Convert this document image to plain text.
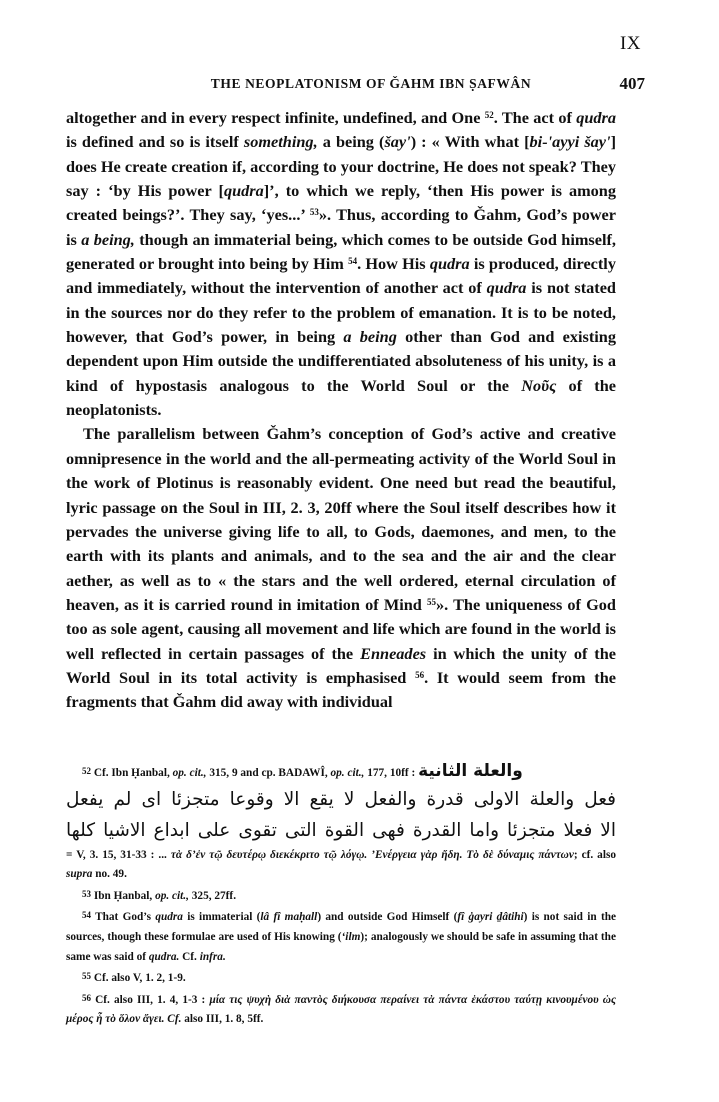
IX
THE NEOPLATONISM OF ǦAHM IBN ṢAFWÂN	407

altogether and in every respect infinite, undefined, and One $^{52}$. The act of qudra is defined and so is itself something, a being (šay') : « With what [bi-'ayyi šay'] does He create creation if, according to your doctrine, He does not speak? They say : ‘by His power [qudra]’, to which we reply, ‘then His power is among created beings?’. They say, ‘yes...’ $^{53}$». Thus, according to Ǧahm, God’s power is a being, though an immaterial being, which comes to be outside God himself, generated or brought into being by Him $^{54}$. How His qudra is produced, directly and immediately, without the intervention of another act of qudra is not stated in the sources nor do they refer to the problem of emanation. It is to be noted, however, that God’s power, in being a being other than God and existing dependent upon Him outside the undifferentiated absoluteness of his unity, is a kind of hypostasis analogous to the World Soul or the Νοῦς of the neoplatonists.

The parallelism between Ǧahm’s conception of God’s active and creative omnipresence in the world and the all-permeating activity of the World Soul in the work of Plotinus is reasonably evident. One need but read the beautiful, lyric passage on the Soul in III, 2. 3, 20ff where the Soul itself describes how it pervades the universe giving life to all, to Gods, daemones, and men, to the earth with its plants and animals, and to the sea and the air and the clear aether, as well as to « the stars and the well ordered, eternal circulation of heaven, as it is carried round in imitation of Mind $^{55}$». The uniqueness of God too as sole agent, causing all movement and life which are found in the world is well reflected in certain passages of the Enneades in which the unity of the World Soul in its total activity is emphasised $^{56}$. It would seem from the fragments that Ǧahm did away with individual

52 Cf. Ibn Ḥanbal, op. cit., 315, 9 and cp. BADAWÎ, op. cit., 177, 10ff : والعلة الثانية

فعل والعلة الاولى قدرة والفعل لا يقع الا وقوعا متجزئا اى لم يفعل
الا فعلا متجزئا واما القدرة فهى القوة التى تقوى على ابداع الاشيا كلها

= V, 3. 15, 31-33 : ... τὰ δ’ἐν τῷ δευτέρῳ διεκέκριτο τῷ λόγῳ. ’Ενέργεια γὰρ ἤδη. Τὸ δὲ δύναμις πάντων; cf. also supra no. 49.

53 Ibn Ḥanbal, op. cit., 325, 27ff.

54 That God’s qudra is immaterial (lâ fî maḥall) and outside God Himself (fî ġayri ḏâtihi) is not said in the sources, though these formulae are used of His knowing (ʻilm); analogously we should be safe in assuming that the same was said of qudra. Cf. infra.

55 Cf. also V, 1. 2, 1-9.

56 Cf. also III, 1. 4, 1-3 : μία τις ψυχὴ διὰ παντὸς διήκουσα περαίνει τὰ πάντα ἑκάστου ταύτῃ κινουμένου ὡς μέρος ἧ τὸ ὅλον ἄγει. Cf. also III, 1. 8, 5ff.
